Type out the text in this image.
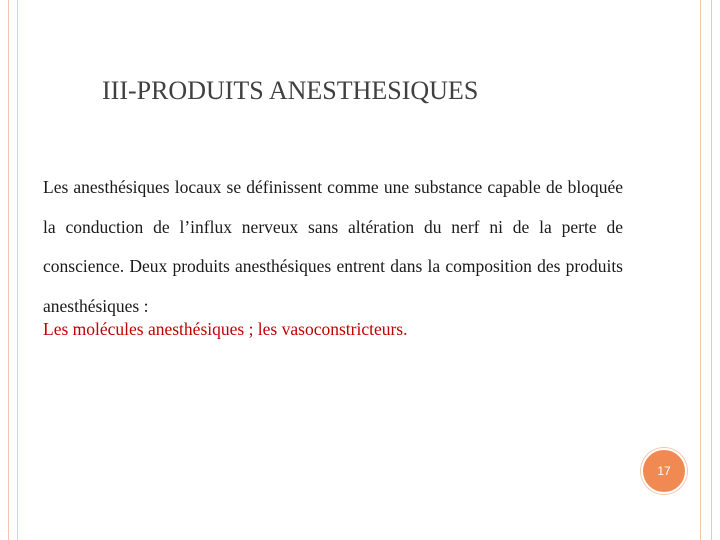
III-PRODUITS ANESTHESIQUES
Les anesthésiques locaux se définissent comme une substance capable de bloquée la conduction de l’influx nerveux sans altération du nerf ni de la perte de conscience. Deux produits anesthésiques entrent dans la composition des produits anesthésiques :
Les molécules anesthésiques ; les vasoconstricteurs.
17
